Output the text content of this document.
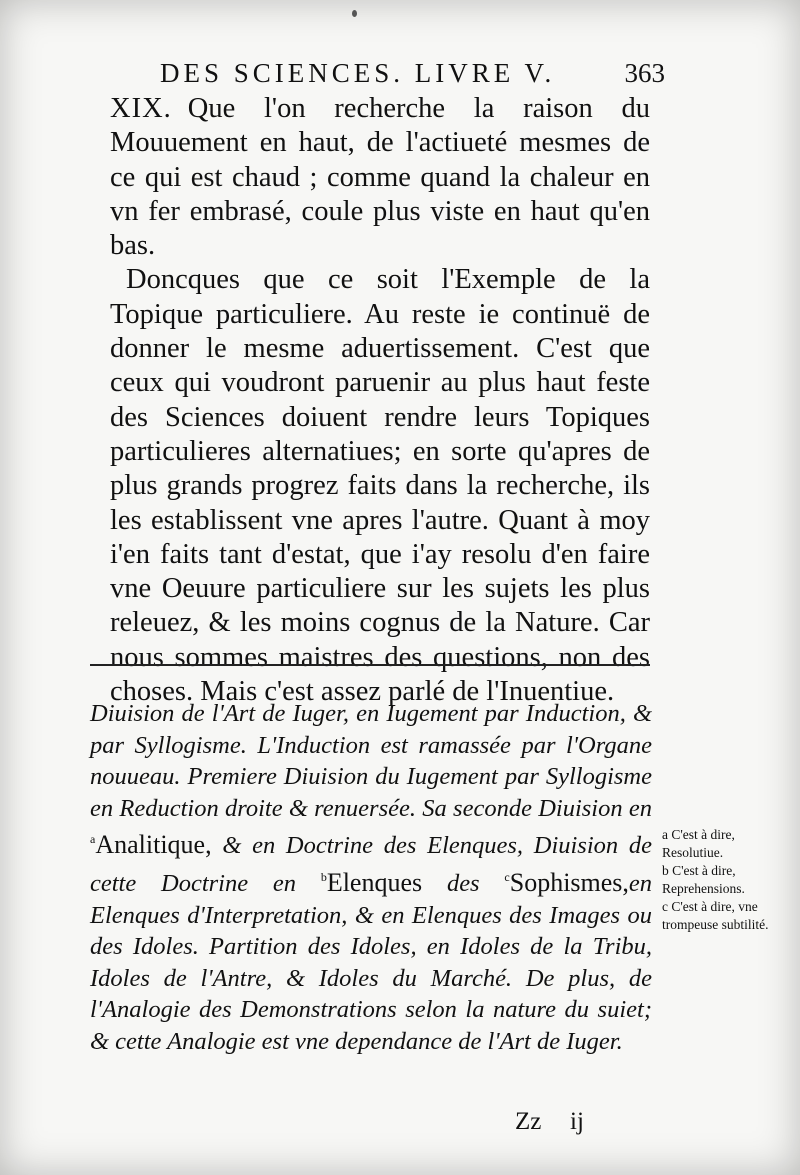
DES SCIENCES. LIVRE V.	363

XIX. Que l'on recherche la raison du Mouuement en haut, de l'actiueté mesmes de ce qui est chaud ; comme quand la chaleur en vn fer embrasé, coule plus viste en haut qu'en bas.

Doncques que ce soit l'Exemple de la Topique particuliere. Au reste ie continuë de donner le mesme aduertissement. C'est que ceux qui voudront paruenir au plus haut feste des Sciences doiuent rendre leurs Topiques particulieres alternatiues; en sorte qu'apres de plus grands progrez faits dans la recherche, ils les establissent vne apres l'autre. Quant à moy i'en faits tant d'estat, que i'ay resolu d'en faire vne Oeuure particuliere sur les sujets les plus releuez, & les moins cognus de la Nature. Car nous sommes maistres des questions, non des choses. Mais c'est assez parlé de l'Inuentiue.

Diuision de l'Art de Iuger, en Iugement par Induction, & par Syllogisme. L'Induction est ramassée par l'Organe nouueau. Premiere Diuision du Iugement par Syllogisme en Reduction droite & renuersée. Sa seconde Diuision en $^a$Analitique, & en Doctrine des Elenques, Diuision de cette Doctrine en $^b$Elenques des $^c$Sophismes,en Elenques d'Interpretation, & en Elenques des Images ou des Idoles. Partition des Idoles, en Idoles de la Tribu, Idoles de l'Antre, & Idoles du Marché. De plus, de l'Analogie des Demonstrations selon la nature du suiet; & cette Analogie est vne dependance de l'Art de Iuger.

a C'est à dire, Resolutiue.

b C'est à dire, Reprehensions.

c C'est à dire, vne trompeuse subtilité.

Zz ij
